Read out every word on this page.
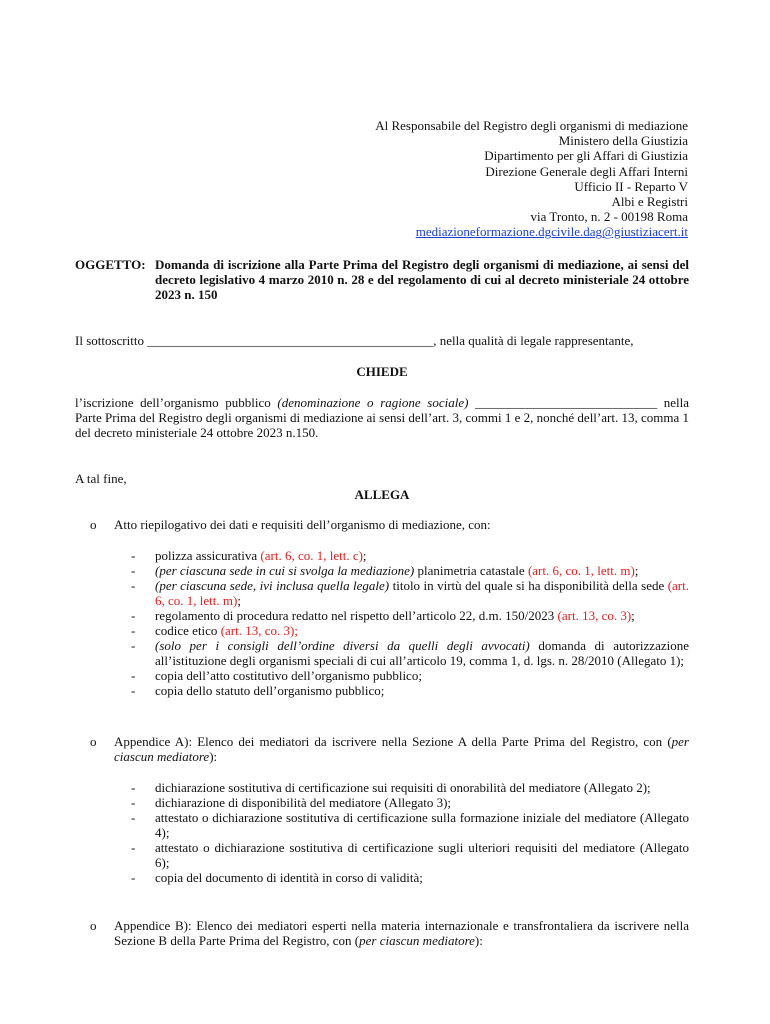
Al Responsabile del Registro degli organismi di mediazione
Ministero della Giustizia
Dipartimento per gli Affari di Giustizia
Direzione Generale degli Affari Interni
Ufficio II - Reparto V
Albi e Registri
via Tronto, n. 2 - 00198 Roma
mediazioneformazione.dgcivile.dag@giustiziacert.it
OGGETTO: Domanda di iscrizione alla Parte Prima del Registro degli organismi di mediazione, ai sensi del decreto legislativo 4 marzo 2010 n. 28 e del regolamento di cui al decreto ministeriale 24 ottobre 2023 n. 150
Il sottoscritto ____________________________________________, nella qualità di legale rappresentante,
CHIEDE
l’iscrizione dell’organismo pubblico (denominazione o ragione sociale) ____________________________ nella Parte Prima del Registro degli organismi di mediazione ai sensi dell’art. 3, commi 1 e 2, nonché dell’art. 13, comma 1 del decreto ministeriale 24 ottobre 2023 n.150.
A tal fine,
ALLEGA
o Atto riepilogativo dei dati e requisiti dell’organismo di mediazione, con:
- polizza assicurativa (art. 6, co. 1, lett. c);
- (per ciascuna sede in cui si svolga la mediazione) planimetria catastale (art. 6, co. 1, lett. m);
- (per ciascuna sede, ivi inclusa quella legale) titolo in virtù del quale si ha disponibilità della sede (art. 6, co. 1, lett. m);
- regolamento di procedura redatto nel rispetto dell’articolo 22, d.m. 150/2023 (art. 13, co. 3);
- codice etico (art. 13, co. 3);
- (solo per i consigli dell’ordine diversi da quelli degli avvocati) domanda di autorizzazione all’istituzione degli organismi speciali di cui all’articolo 19, comma 1, d. lgs. n. 28/2010 (Allegato 1);
- copia dell’atto costitutivo dell’organismo pubblico;
- copia dello statuto dell’organismo pubblico;
o Appendice A): Elenco dei mediatori da iscrivere nella Sezione A della Parte Prima del Registro, con (per ciascun mediatore):
- dichiarazione sostitutiva di certificazione sui requisiti di onorabilità del mediatore (Allegato 2);
- dichiarazione di disponibilità del mediatore (Allegato 3);
- attestato o dichiarazione sostitutiva di certificazione sulla formazione iniziale del mediatore (Allegato 4);
- attestato o dichiarazione sostitutiva di certificazione sugli ulteriori requisiti del mediatore (Allegato 6);
- copia del documento di identità in corso di validità;
o Appendice B): Elenco dei mediatori esperti nella materia internazionale e transfrontaliera da iscrivere nella Sezione B della Parte Prima del Registro, con (per ciascun mediatore):
